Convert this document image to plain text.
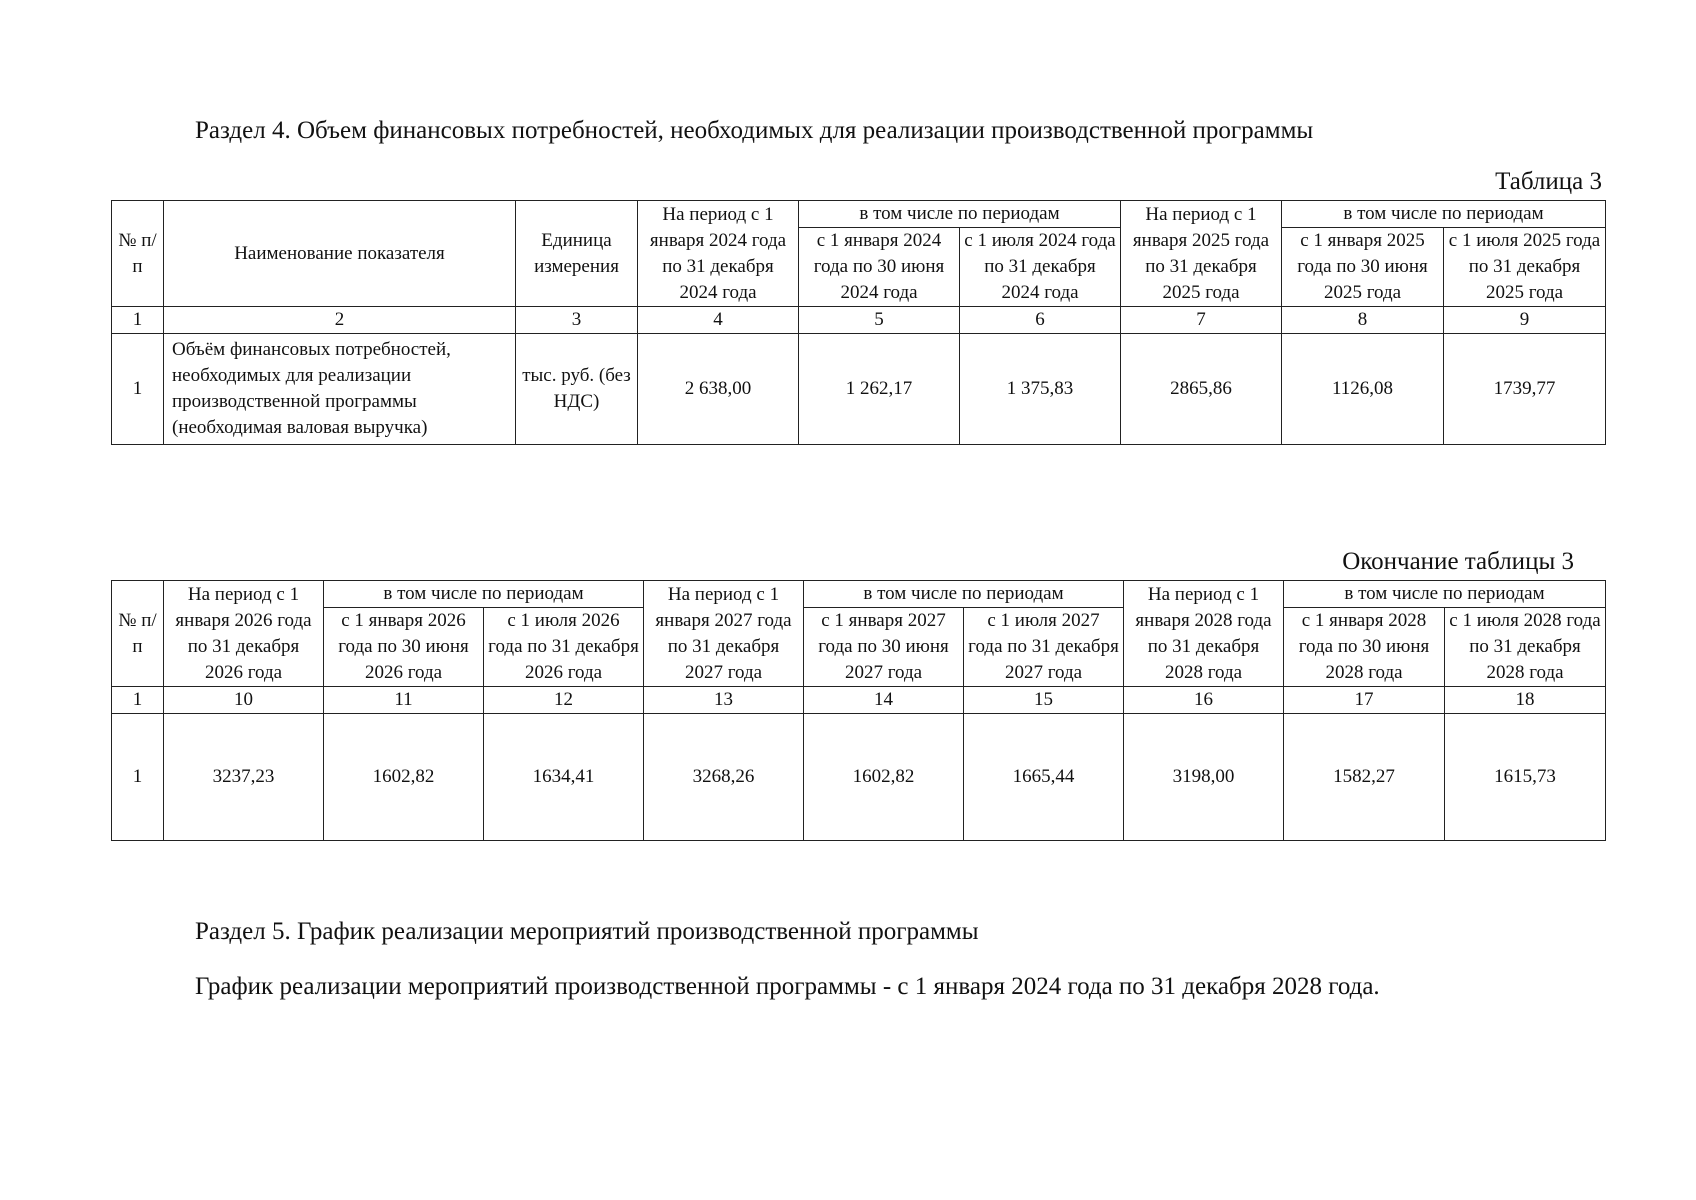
Раздел 4. Объем финансовых потребностей, необходимых для реализации производственной программы
Таблица 3
№ п/п	Наименование показателя	Единица измерения	На период с 1 января 2024 года по 31 декабря 2024 года	в том числе по периодам		На период с 1 января 2025 года по 31 декабря 2025 года	в том числе по периодам	
				с 1 января 2024 года по 30 июня 2024 года	с 1 июля 2024 года по 31 декабря 2024 года		с 1 января 2025 года по 30 июня 2025 года	с 1 июля 2025 года по 31 декабря 2025 года
1	2	3	4	5	6	7	8	9
1	Объём финансовых потребностей, необходимых для реализации производственной программы (необходимая валовая выручка)	тыс. руб. (без НДС)	2 638,00	1 262,17	1 375,83	2865,86	1126,08	1739,77
Окончание таблицы 3
№ п/п	На период с 1 января 2026 года по 31 декабря 2026 года	в том числе по периодам		На период с 1 января 2027 года по 31 декабря 2027 года	в том числе по периодам		На период с 1 января 2028 года по 31 декабря 2028 года	в том числе по периодам	
		с 1 января 2026 года по 30 июня 2026 года	с 1 июля 2026 года по 31 декабря 2026 года		с 1 января 2027 года по 30 июня 2027 года	с 1 июля 2027 года по 31 декабря 2027 года		с 1 января 2028 года по 30 июня 2028 года	с 1 июля 2028 года по 31 декабря 2028 года
1	10	11	12	13	14	15	16	17	18
1	3237,23	1602,82	1634,41	3268,26	1602,82	1665,44	3198,00	1582,27	1615,73
Раздел 5. График реализации мероприятий производственной программы
График реализации мероприятий производственной программы - с 1 января 2024 года по 31 декабря 2028 года.
